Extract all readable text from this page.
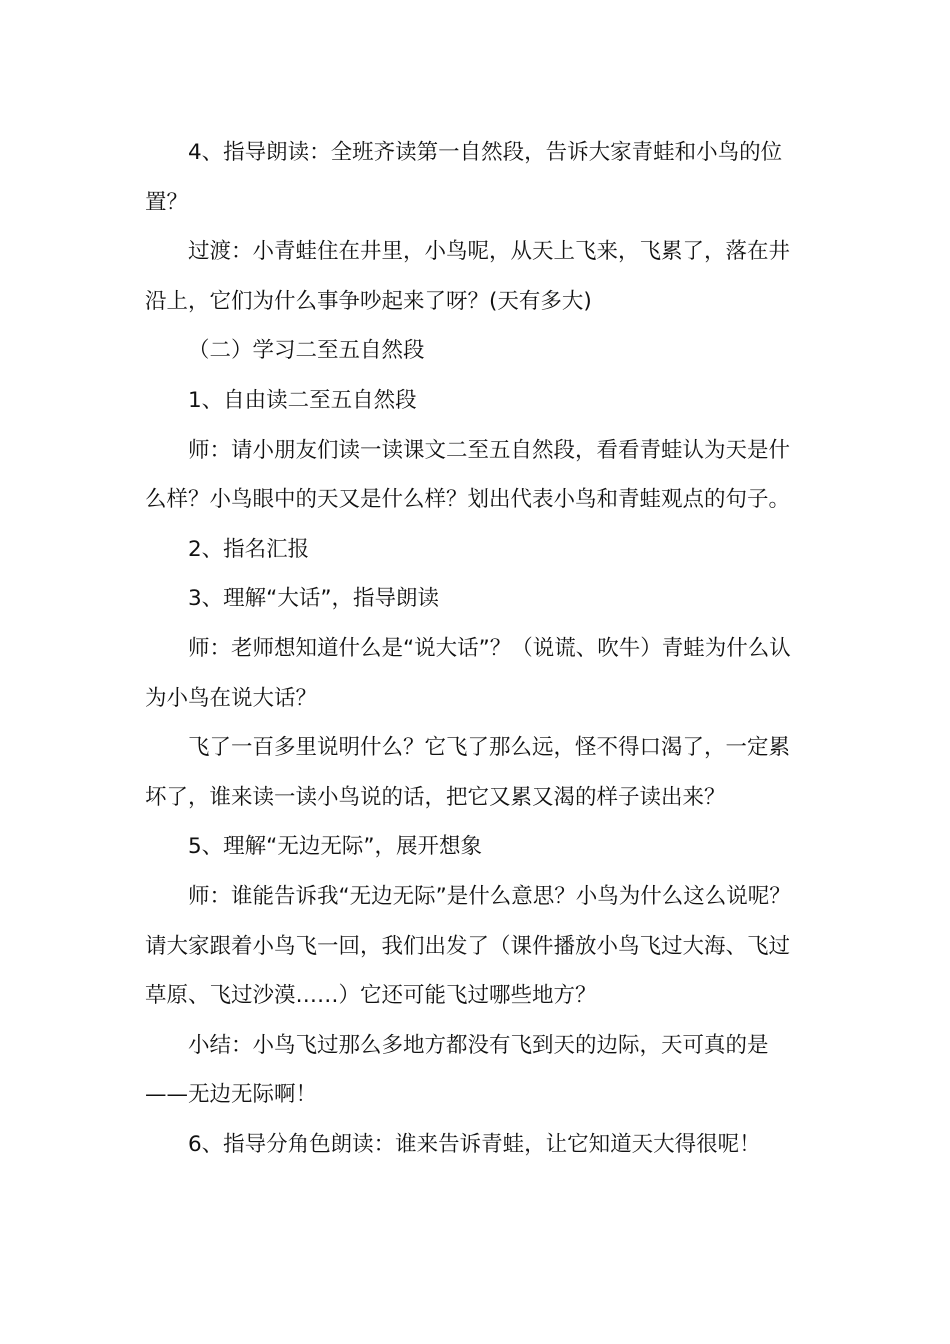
4、指导朗读：全班齐读第一自然段，告诉大家青蛙和小鸟的位置？

过渡：小青蛙住在井里，小鸟呢，从天上飞来，飞累了，落在井沿上，它们为什么事争吵起来了呀？(天有多大)

（二）学习二至五自然段

1、自由读二至五自然段

师：请小朋友们读一读课文二至五自然段，看看青蛙认为天是什么样？小鸟眼中的天又是什么样？划出代表小鸟和青蛙观点的句子。

2、指名汇报

3、理解“大话”，指导朗读

师：老师想知道什么是“说大话”？（说谎、吹牛）青蛙为什么认为小鸟在说大话？

飞了一百多里说明什么？它飞了那么远，怪不得口渴了，一定累坏了，谁来读一读小鸟说的话，把它又累又渴的样子读出来？

5、理解“无边无际”，展开想象

师：谁能告诉我“无边无际”是什么意思？小鸟为什么这么说呢？请大家跟着小鸟飞一回，我们出发了（课件播放小鸟飞过大海、飞过草原、飞过沙漠……）它还可能飞过哪些地方？

小结：小鸟飞过那么多地方都没有飞到天的边际，天可真的是——无边无际啊！

6、指导分角色朗读：谁来告诉青蛙，让它知道天大得很呢！
